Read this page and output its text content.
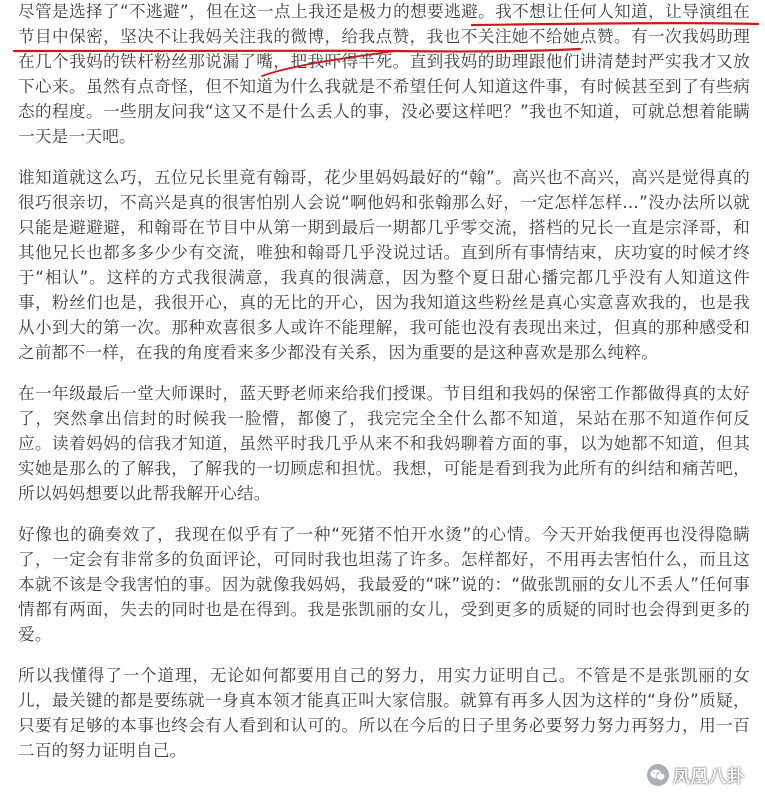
尽管是选择了“不逃避”，但在这一点上我还是极力的想要逃避。我不想让任何人知道，让导演组在节目中保密，坚决不让我妈关注我的微博，给我点赞，我也不关注她不给她点赞。有一次我妈助理在几个我妈的铁杆粉丝那说漏了嘴，把我吓得半死。直到我妈的助理跟他们讲清楚封严实我才又放下心来。虽然有点奇怪，但不知道为什么我就是不希望任何人知道这件事，有时候甚至到了有些病态的程度。一些朋友问我“这又不是什么丢人的事，没必要这样吧？”我也不知道，可就总想着能瞒一天是一天吧。

谁知道就这么巧，五位兄长里竟有翰哥，花少里妈妈最好的“翰”。高兴也不高兴，高兴是觉得真的很巧很亲切，不高兴是真的很害怕别人会说“啊他妈和张翰那么好，一定怎样怎样…”没办法所以就只能是避避避，和翰哥在节目中从第一期到最后一期都几乎零交流，搭档的兄长一直是宗泽哥，和其他兄长也都多多少少有交流，唯独和翰哥几乎没说过话。直到所有事情结束，庆功宴的时候才终于“相认”。这样的方式我很满意，我真的很满意，因为整个夏日甜心播完都几乎没有人知道这件事，粉丝们也是，我很开心，真的无比的开心，因为我知道这些粉丝是真心实意喜欢我的，也是我从小到大的第一次。那种欢喜很多人或许不能理解，我可能也没有表现出来过，但真的那种感受和之前都不一样，在我的角度看来多少都没有关系，因为重要的是这种喜欢是那么纯粹。

在一年级最后一堂大师课时，蓝天野老师来给我们授课。节目组和我妈的保密工作都做得真的太好了，突然拿出信封的时候我一脸懵，都傻了，我完完全全什么都不知道，呆站在那不知道作何反应。读着妈妈的信我才知道，虽然平时我几乎从来不和我妈聊着方面的事，以为她都不知道，但其实她是那么的了解我，了解我的一切顾虑和担忧。我想，可能是看到我为此所有的纠结和痛苦吧，所以妈妈想要以此帮我解开心结。

好像也的确奏效了，我现在似乎有了一种“死猪不怕开水烫”的心情。今天开始我便再也没得隐瞒了，一定会有非常多的负面评论，可同时我也坦荡了许多。怎样都好，不用再去害怕什么，而且这本就不该是令我害怕的事。因为就像我妈妈，我最爱的“咪”说的：“做张凯丽的女儿不丢人”任何事情都有两面，失去的同时也是在得到。我是张凯丽的女儿，受到更多的质疑的同时也会得到更多的爱。

所以我懂得了一个道理，无论如何都要用自己的努力，用实力证明自己。不管是不是张凯丽的女儿，最关键的都是要练就一身真本领才能真正叫大家信服。就算有再多人因为这样的“身份”质疑，只要有足够的本事也终会有人看到和认可的。所以在今后的日子里务必要努力努力再努力，用一百二百的努力证明自己。

凤凰八卦
